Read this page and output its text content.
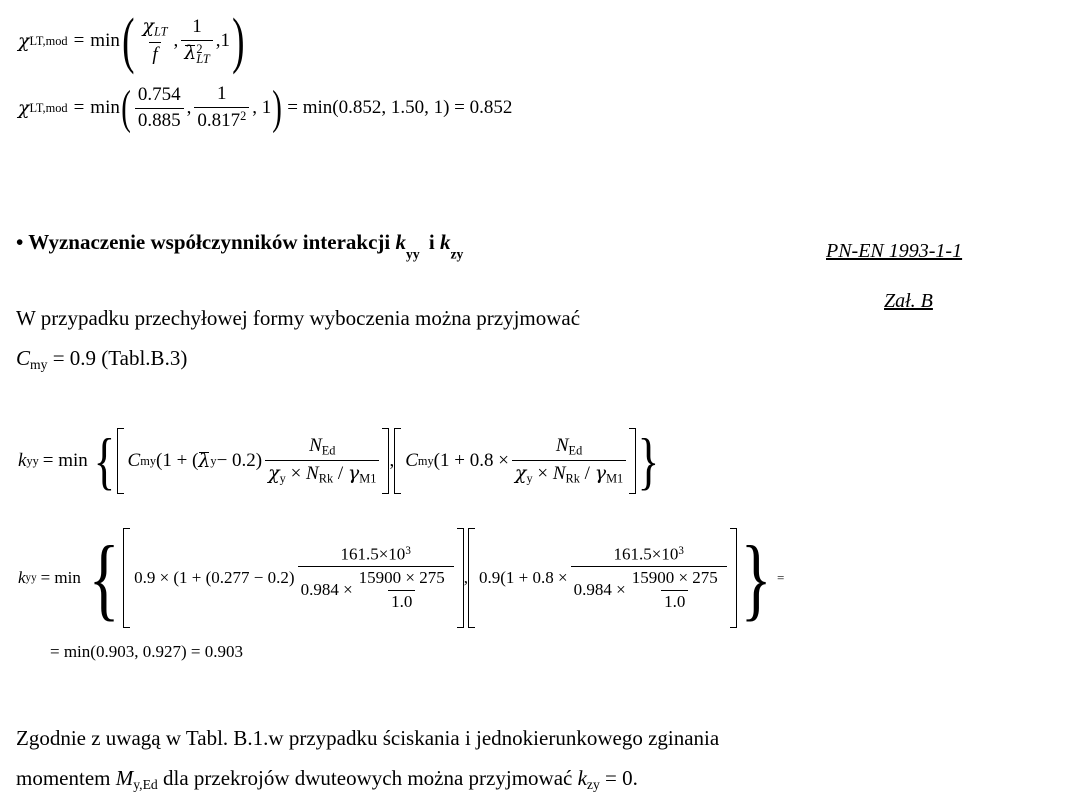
χ LT,mod = min ( $\frac{\chi_{LT}}{f}$ , 1
λ 2
LT ,1 )
χ LT,mod = min ( $\frac{0.754}{0.885}$ , $\frac{1}{0.817^2}$ , 1 ) = min(0.852, 1.50, 1) = 0.852
• Wyznaczenie współczynników interakcji $k_{yy}$ i $k_{zy}$	PN-EN 1993-1-1
Zał. B
W przypadku przechyłowej formy wyboczenia można przyjmować
$C_{my} = 0.9$ (Tabl.B.3)
k yy = min { C my (1 + ( λ $y - 0.2) \frac{N_{Ed}}{\chi_y \times N_{Rk} / \gamma_{M1}}$ , C my ($1 + 0.8 \times \frac{N_{Ed}}{\chi_y \times N_{Rk} / \gamma_{M1}}$ }
k yy = min { $0.9 \times (1 + (0.277 - 0.2) \frac{161.5\times 10^3}{0.984 \times \frac{15900 \times 275}{1.0}}$ , $0.9(1 + 0.8 \times \frac{161.5\times 10^3}{0.984 \times \frac{15900 \times 275}{1.0}}$ } =
= min(0.903, 0.927) = 0.903
Zgodnie z uwagą w Tabl. B.1.w przypadku ściskania i jednokierunkowego zginania
momentem $M_{y,Ed}$ dla przekrojów dwuteowych można przyjmować $k_{zy} = 0$.
